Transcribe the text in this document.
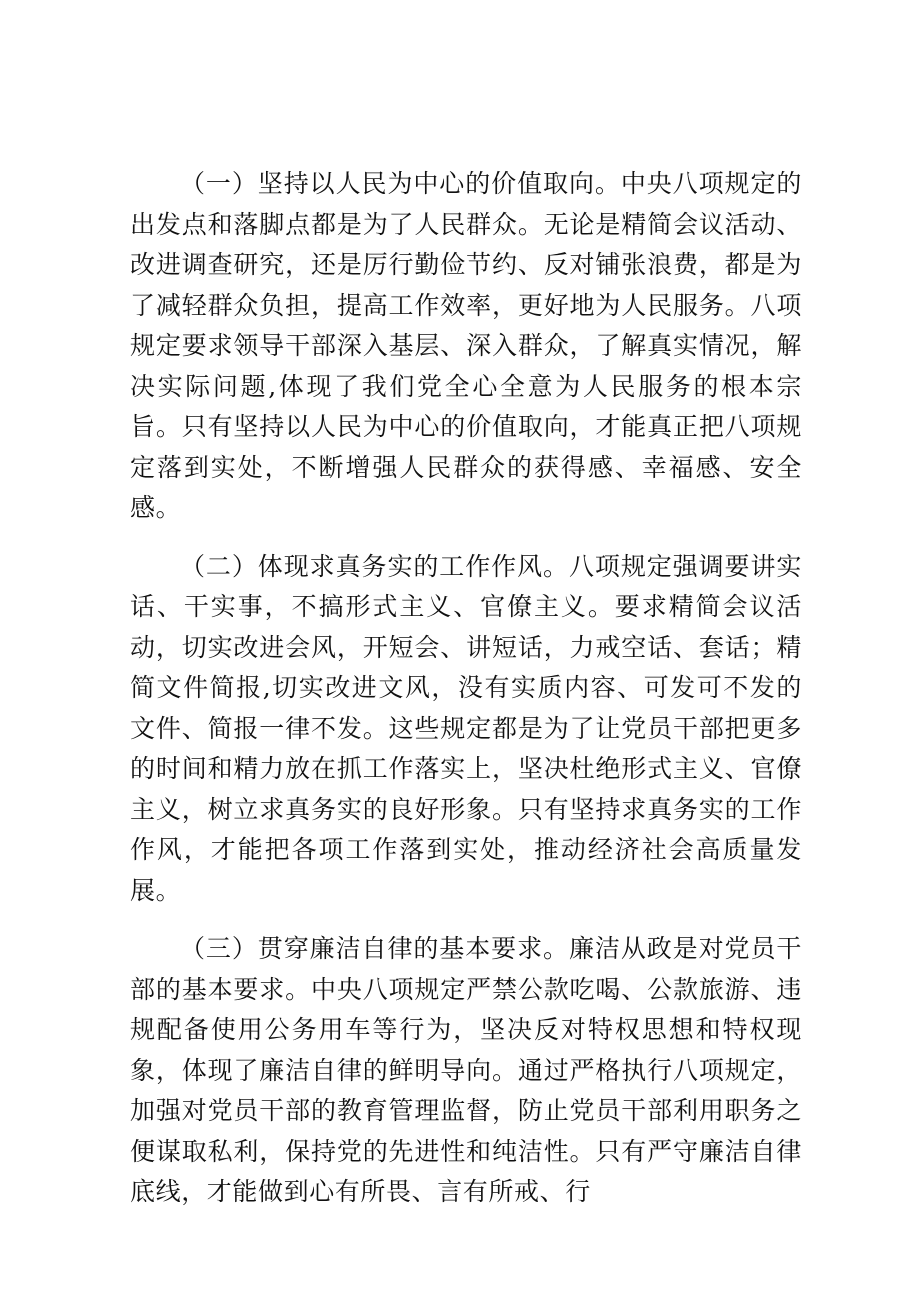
（一）坚持以人民为中心的价值取向。中央八项规定的出发点和落脚点都是为了人民群众。无论是精简会议活动、改进调查研究，还是厉行勤俭节约、反对铺张浪费，都是为了减轻群众负担，提高工作效率，更好地为人民服务。八项规定要求领导干部深入基层、深入群众，了解真实情况，解决实际问题,体现了我们党全心全意为人民服务的根本宗旨。只有坚持以人民为中心的价值取向，才能真正把八项规定落到实处，不断增强人民群众的获得感、幸福感、安全感。

（二）体现求真务实的工作作风。八项规定强调要讲实话、干实事，不搞形式主义、官僚主义。要求精简会议活动，切实改进会风，开短会、讲短话，力戒空话、套话；精简文件简报,切实改进文风，没有实质内容、可发可不发的文件、简报一律不发。这些规定都是为了让党员干部把更多的时间和精力放在抓工作落实上，坚决杜绝形式主义、官僚主义，树立求真务实的良好形象。只有坚持求真务实的工作作风，才能把各项工作落到实处，推动经济社会高质量发展。

（三）贯穿廉洁自律的基本要求。廉洁从政是对党员干部的基本要求。中央八项规定严禁公款吃喝、公款旅游、违规配备使用公务用车等行为，坚决反对特权思想和特权现象，体现了廉洁自律的鲜明导向。通过严格执行八项规定，加强对党员干部的教育管理监督，防止党员干部利用职务之便谋取私利，保持党的先进性和纯洁性。只有严守廉洁自律底线，才能做到心有所畏、言有所戒、行
